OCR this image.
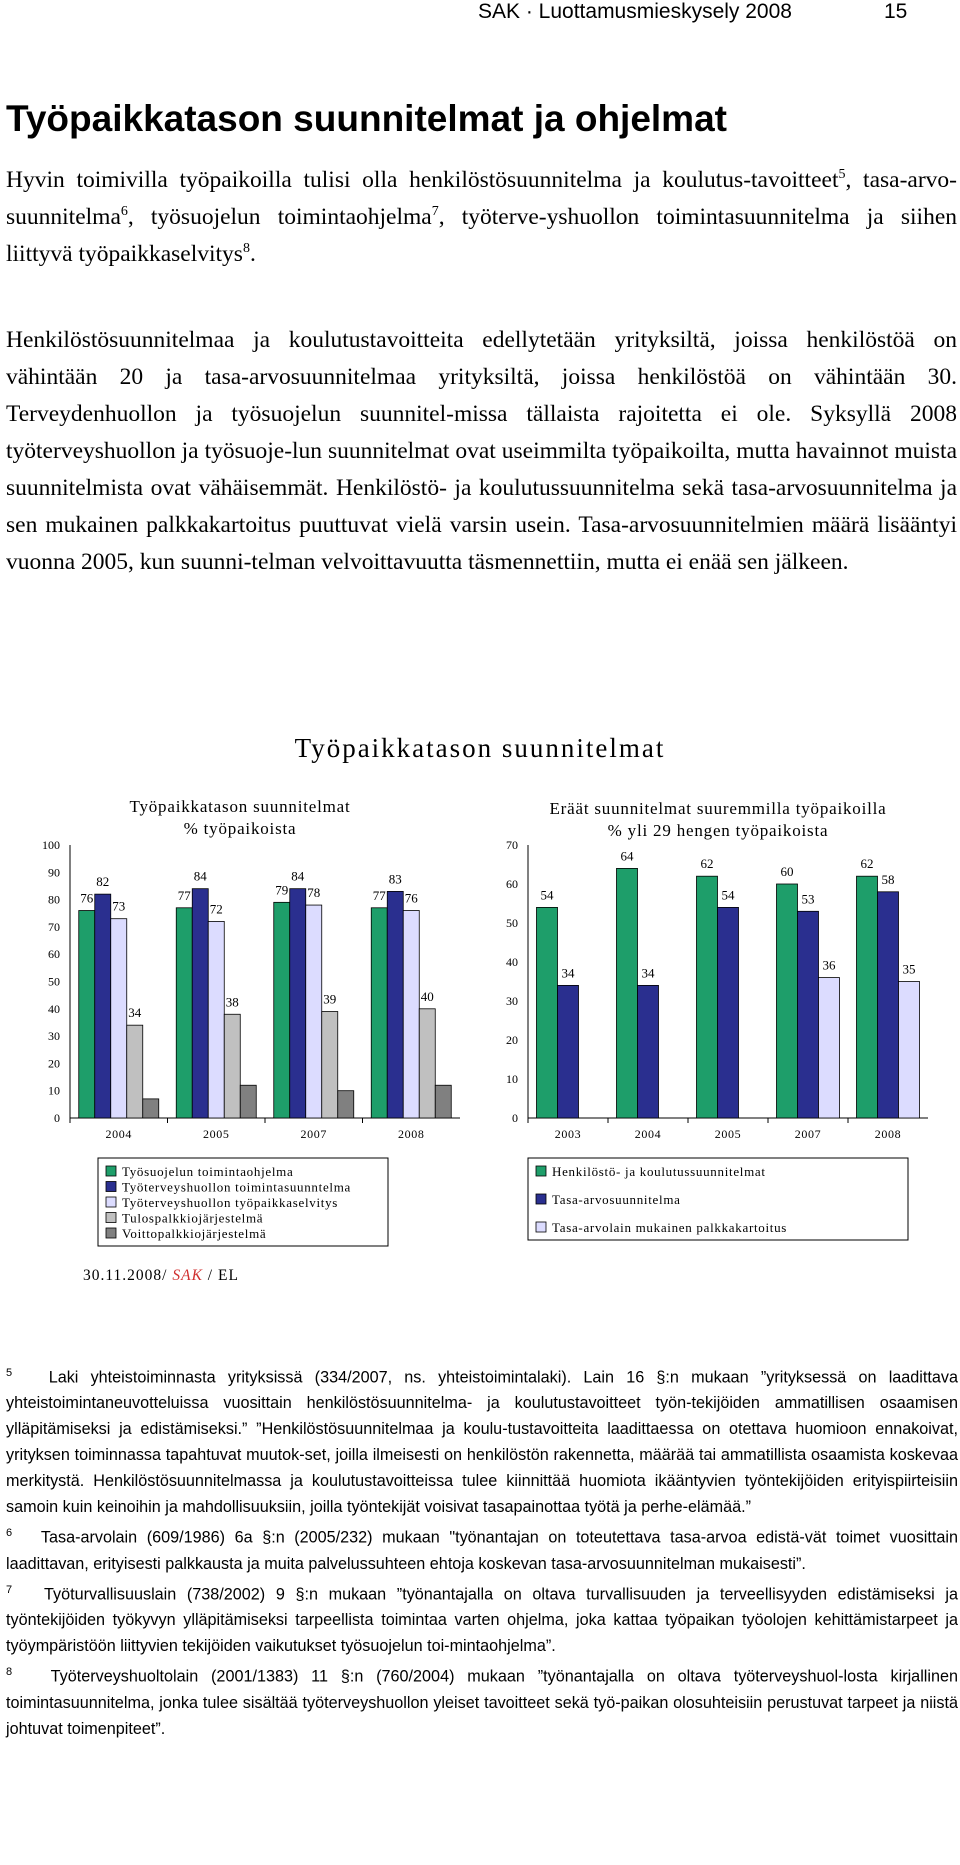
SAK · Luottamusmieskysely 2008	15
Työpaikkatason suunnitelmat ja ohjelmat

Hyvin toimivilla työpaikoilla tulisi olla henkilöstösuunnitelma ja koulutus-tavoitteet$^5$, tasa-arvo-suunnitelma$^6$, työsuojelun toimintaohjelma$^7$, työterve-yshuollon toimintasuunnitelma ja siihen liittyvä työpaikkaselvitys$^8$.

Henkilöstösuunnitelmaa ja koulutustavoitteita edellytetään yrityksiltä, joissa henkilöstöä on vähintään 20 ja tasa-arvosuunnitelmaa yrityksiltä, joissa henkilöstöä on vähintään 30. Terveydenhuollon ja työsuojelun suunnitel-missa tällaista rajoitetta ei ole. Syksyllä 2008 työterveyshuollon ja työsuoje-lun suunnitelmat ovat useimmilta työpaikoilta, mutta havainnot muista suunnitelmista ovat vähäisemmät. Henkilöstö- ja koulutussuunnitelma sekä tasa-arvosuunnitelma ja sen mukainen palkkakartoitus puuttuvat vielä varsin usein. Tasa-arvosuunnitelmien määrä lisääntyi vuonna 2005, kun suunni-telman velvoittavuutta täsmennettiin, mutta ei enää sen jälkeen.

Työpaikkatason suunnitelmat
Työpaikkatason suunnitelmat
% työpaikoista
0
10
20
30
40
50
60
70
80
90
100
2004
76
82
73
34
2005
77
84
72
38
2007
79
84
78
39
2008
77
83
76
40
Työsuojelun toimintaohjelma
Työterveyshuollon toimintasuunntelma
Työterveyshuollon työpaikkaselvitys
Tulospalkkiojärjestelmä
Voittopalkkiojärjestelmä
Eräät suunnitelmat suuremmilla työpaikoilla
% yli 29 hengen työpaikoista
0
10
20
30
40
50
60
70
2003
54
34
2004
64
34
2005
62
54
2007
60
53
36
2008
62
58
35
Henkilöstö- ja koulutussuunnitelmat
Tasa-arvosuunnitelma
Tasa-arvolain mukainen palkkakartoitus
30.11.2008/ SAK / EL

$^5$ Laki yhteistoiminnasta yrityksissä (334/2007, ns. yhteistoimintalaki). Lain 16 §:n mukaan ”yrityksessä on laadittava yhteistoimintaneuvotteluissa vuosittain henkilöstösuunnitelma- ja koulutustavoitteet työn-tekijöiden ammatillisen osaamisen ylläpitämiseksi ja edistämiseksi.” ”Henkilöstösuunnitelmaa ja koulu-tustavoitteita laadittaessa on otettava huomioon ennakoivat, yrityksen toiminnassa tapahtuvat muutok-set, joilla ilmeisesti on henkilöstön rakennetta, määrää tai ammatillista osaamista koskevaa merkitystä. Henkilöstösuunnitelmassa ja koulutustavoitteissa tulee kiinnittää huomiota ikääntyvien työntekijöiden erityispiirteisiin samoin kuin keinoihin ja mahdollisuuksiin, joilla työntekijät voisivat tasapainottaa työtä ja perhe-elämää.”

$^6$ Tasa-arvolain (609/1986) 6a §:n (2005/232) mukaan "työnantajan on toteutettava tasa-arvoa edistä-vät toimet vuosittain laadittavan, erityisesti palkkausta ja muita palvelussuhteen ehtoja koskevan tasa-arvosuunnitelman mukaisesti”.

$^7$ Työturvallisuuslain (738/2002) 9 §:n mukaan ”työnantajalla on oltava turvallisuuden ja terveellisyyden edistämiseksi ja työntekijöiden työkyvyn ylläpitämiseksi tarpeellista toimintaa varten ohjelma, joka kattaa työpaikan työolojen kehittämistarpeet ja työympäristöön liittyvien tekijöiden vaikutukset työsuojelun toi-mintaohjelma”.

$^8$ Työterveyshuoltolain (2001/1383) 11 §:n (760/2004) mukaan ”työnantajalla on oltava työterveyshuol-losta kirjallinen toimintasuunnitelma, jonka tulee sisältää työterveyshuollon yleiset tavoitteet sekä työ-paikan olosuhteisiin perustuvat tarpeet ja niistä johtuvat toimenpiteet”.
